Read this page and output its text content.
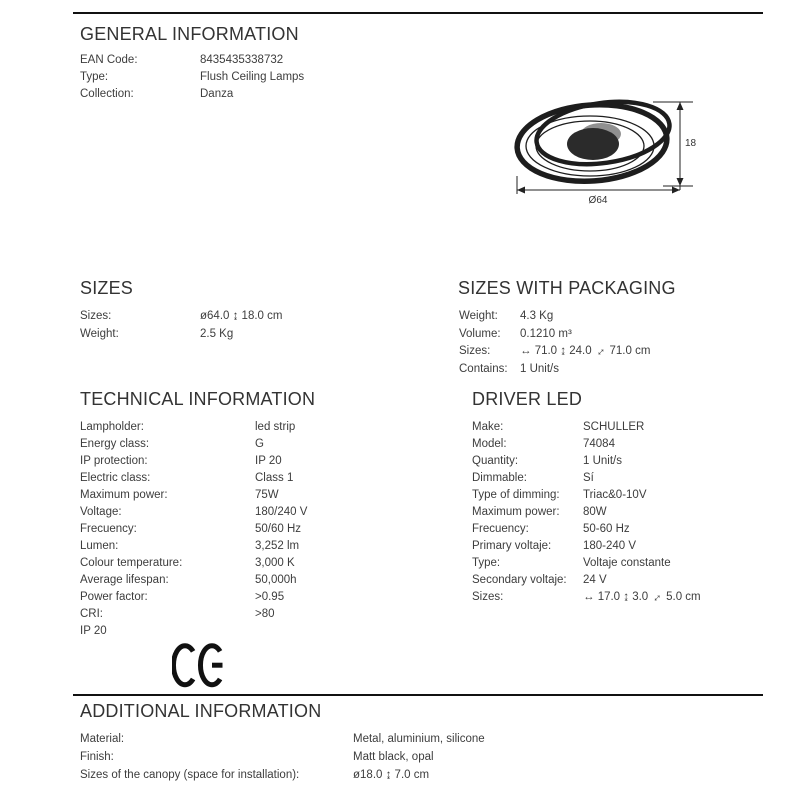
GENERAL INFORMATION
EAN Code:	8435435338732
Type:	Flush Ceiling Lamps
Collection:	Danza
18
Ø64
SIZES
Sizes:	ø64.0 ↨ 18.0 cm
Weight:	2.5 Kg
SIZES WITH PACKAGING
Weight: 4.3 Kg
Volume: 0.1210 m³
Sizes:	↔ 71.0 ↨ 24.0 ↔ 71.0 cm
Contains: 1 Unit/s
TECHNICAL INFORMATION
Lampholder:	led strip
Energy class:	G
IP protection:	IP 20
Electric class:	Class 1
Maximum power:	75W
Voltage:	180/240 V
Frecuency:	50/60 Hz
Lumen:	3,252 lm
Colour temperature:	3,000 K
Average lifespan:	50,000h
Power factor:	>0.95
CRI:	>80
IP 20
DRIVER LED
Make:	SCHULLER
Model:	74084
Quantity:	1 Unit/s
Dimmable:	Sí
Type of dimming: Triac&0-10V
Maximum power: 80W
Frecuency:	50-60 Hz
Primary voltaje:	180-240 V
Type:	Voltaje constante
Secondary voltaje: 24 V
Sizes:	↔ 17.0 ↨ 3.0 ↔ 5.0 cm
ADDITIONAL INFORMATION
Material:	Metal, aluminium, silicone
Finish:	Matt black, opal
Sizes of the canopy (space for installation):	ø18.0 ↨ 7.0 cm
